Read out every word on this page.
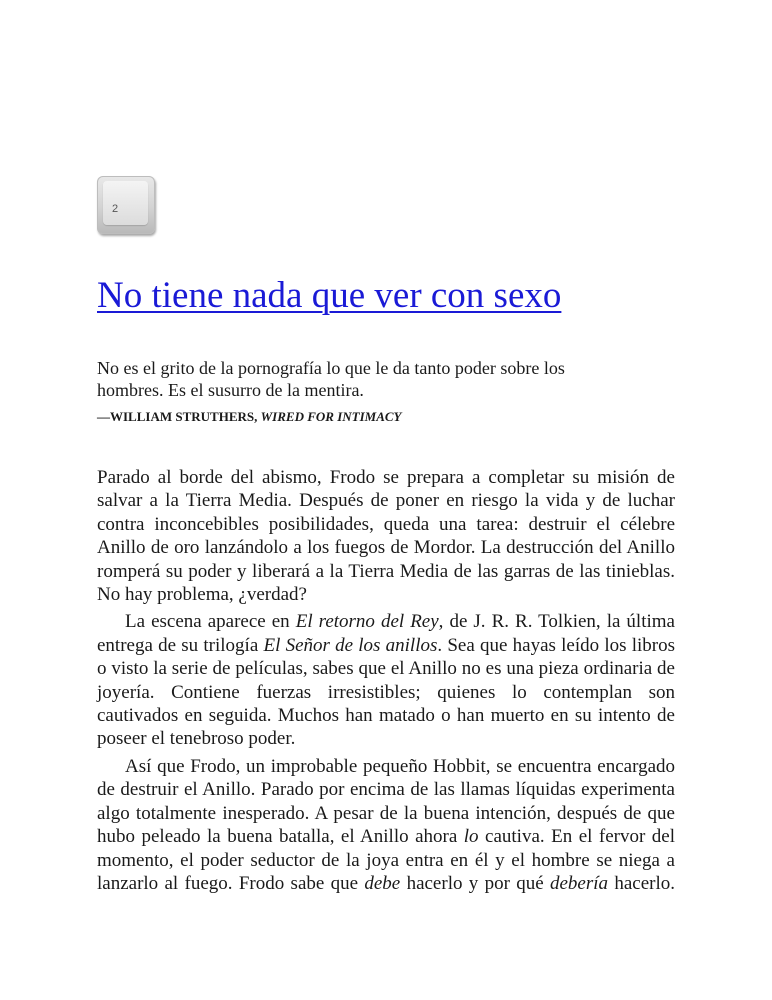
2
No tiene nada que ver con sexo
No es el grito de la pornografía lo que le da tanto poder sobre los hombres. Es el susurro de la mentira.
—WILLIAM STRUTHERS, WIRED FOR INTIMACY

Parado al borde del abismo, Frodo se prepara a completar su misión de salvar a la Tierra Media. Después de poner en riesgo la vida y de luchar contra inconcebibles posibilidades, queda una tarea: destruir el célebre Anillo de oro lanzándolo a los fuegos de Mordor. La destrucción del Anillo romperá su poder y liberará a la Tierra Media de las garras de las tinieblas. No hay problema, ¿verdad?

La escena aparece en El retorno del Rey, de J. R. R. Tolkien, la última entrega de su trilogía El Señor de los anillos. Sea que hayas leído los libros o visto la serie de películas, sabes que el Anillo no es una pieza ordinaria de joyería. Contiene fuerzas irresistibles; quienes lo contemplan son cautivados en seguida. Muchos han matado o han muerto en su intento de poseer el tenebroso poder.

Así que Frodo, un improbable pequeño Hobbit, se encuentra encargado de destruir el Anillo. Parado por encima de las llamas líquidas experimenta algo totalmente inesperado. A pesar de la buena intención, después de que hubo peleado la buena batalla, el Anillo ahora lo cautiva. En el fervor del momento, el poder seductor de la joya entra en él y el hombre se niega a lanzarlo al fuego. Frodo sabe que debe hacerlo y por qué debería hacerlo.
